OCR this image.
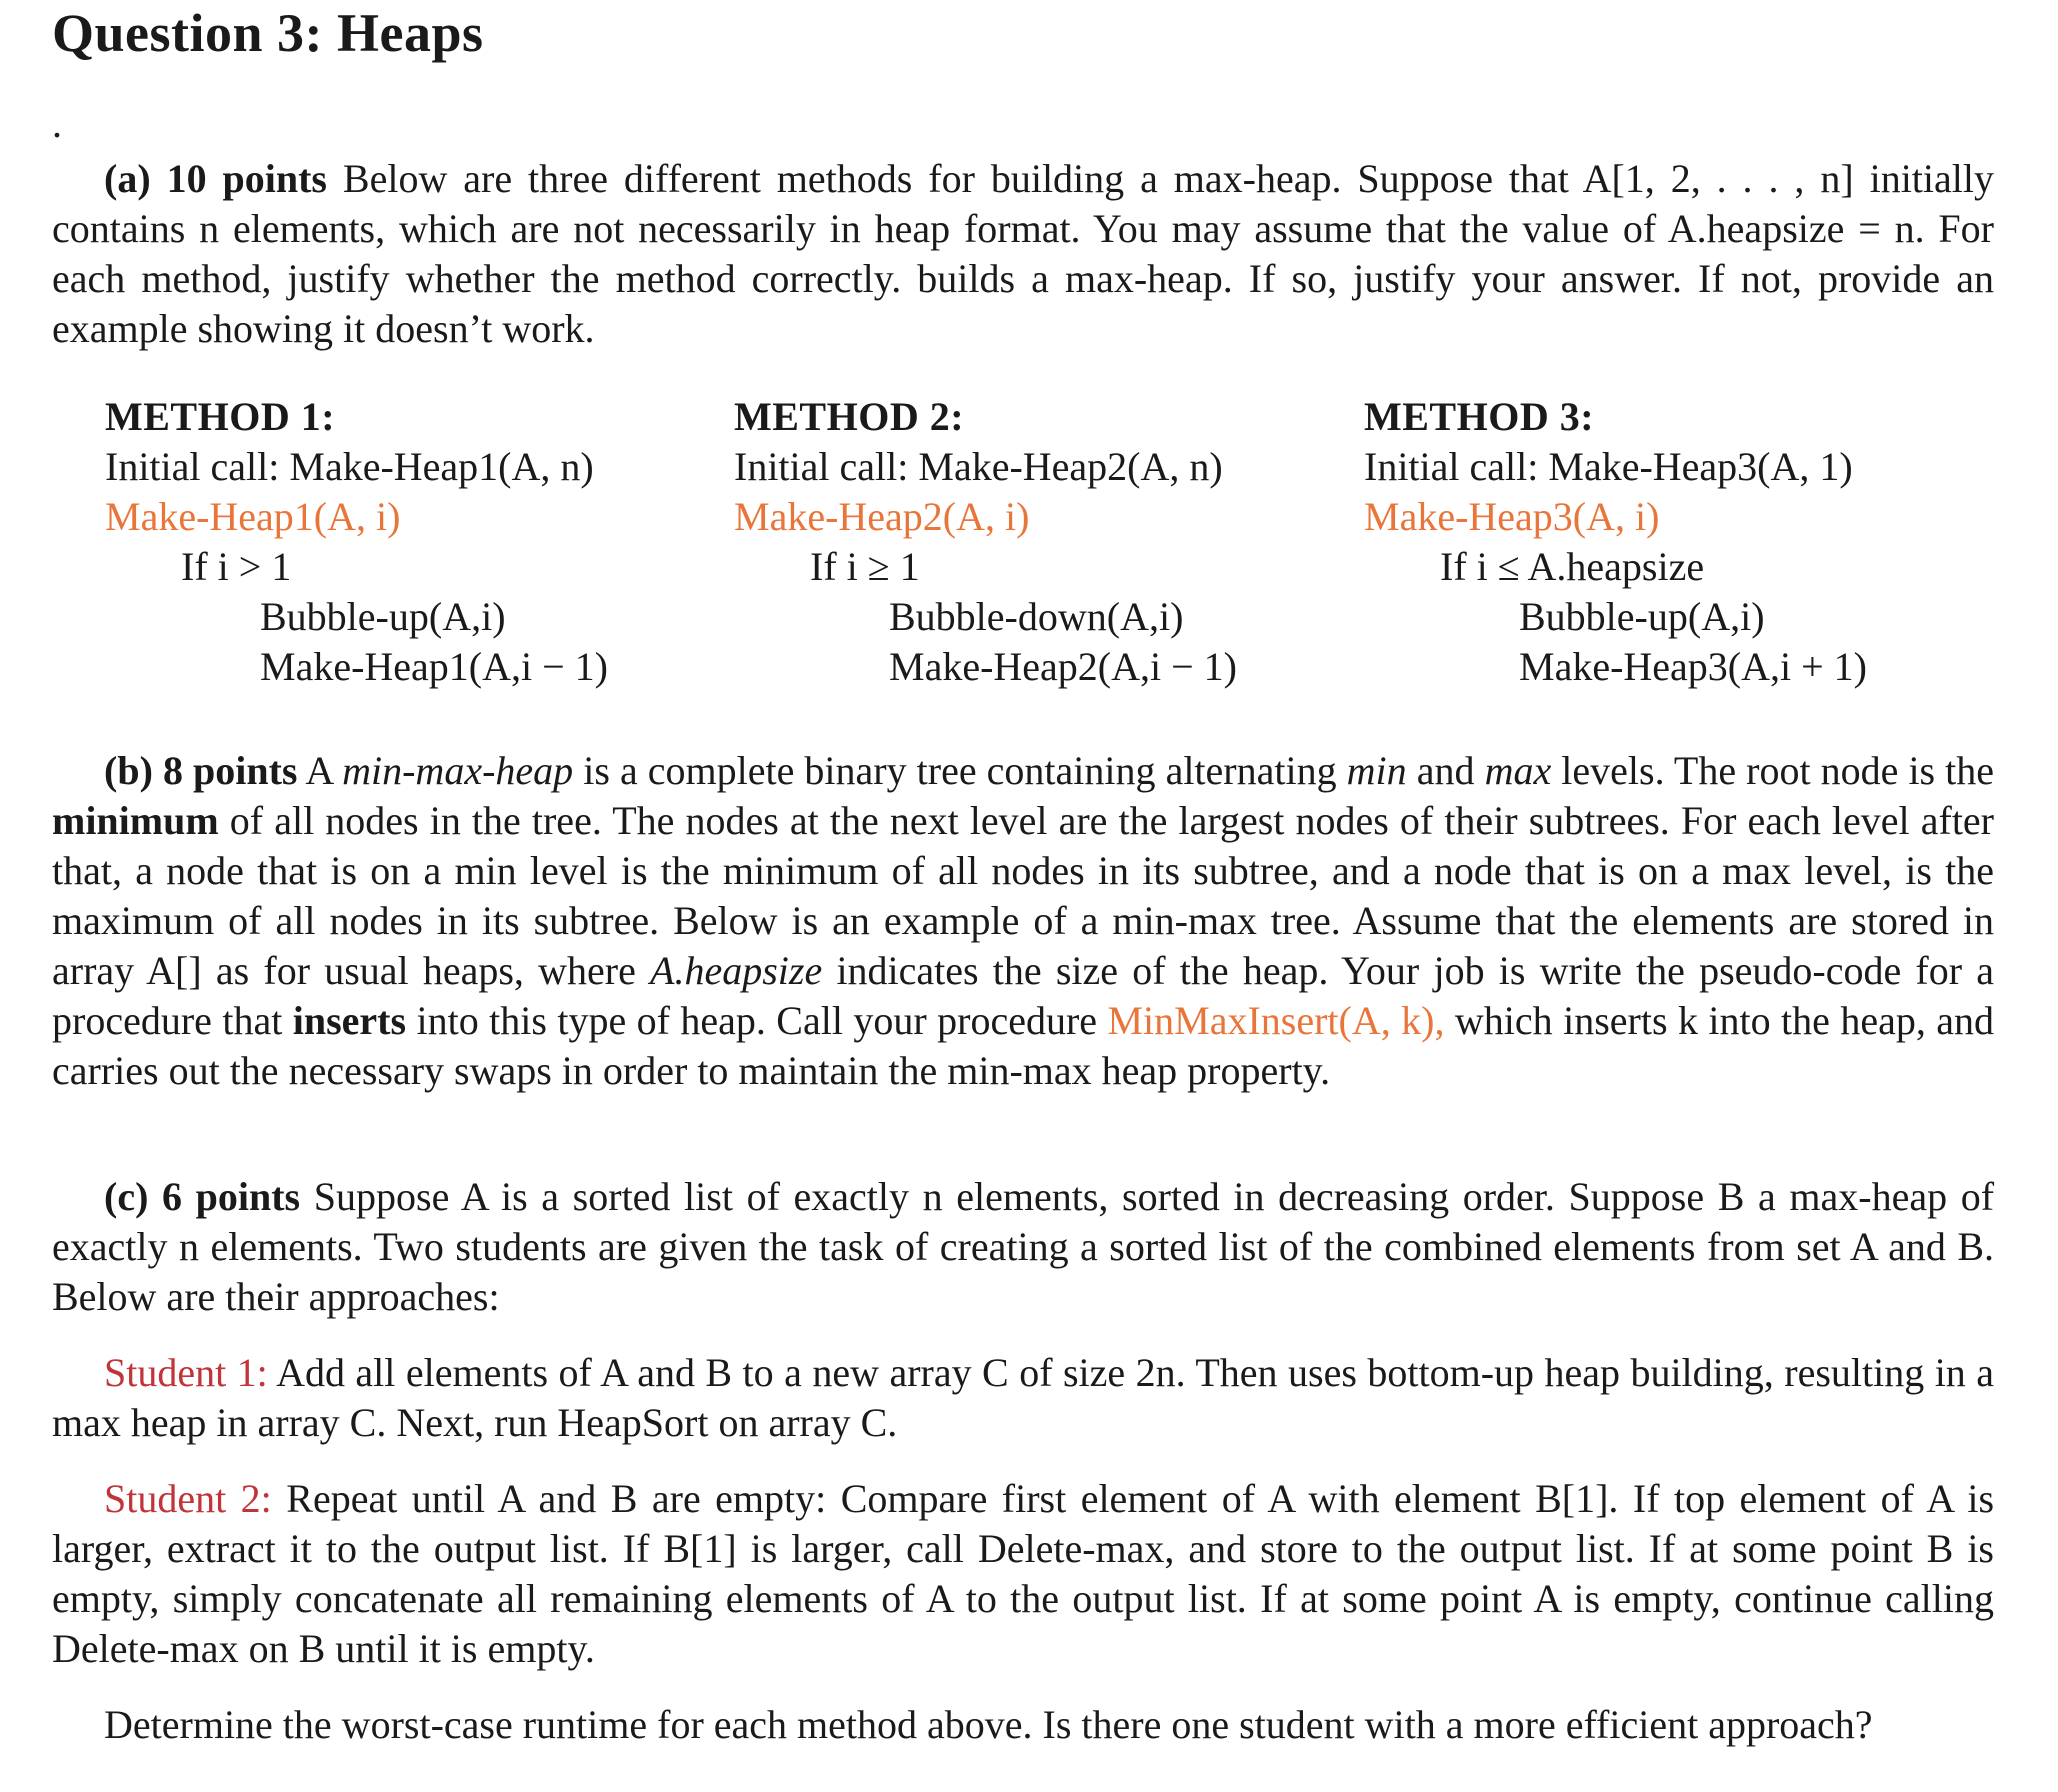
Question 3: Heaps
.
(a) 10 points Below are three different methods for building a max-heap. Suppose that A[1, 2, . . . , n] initially contains n elements, which are not necessarily in heap format. You may assume that the value of A.heapsize = n. For each method, justify whether the method correctly. builds a max-heap. If so, justify your answer. If not, provide an example showing it doesn’t work.
METHOD 1:
Initial call: Make-Heap1(A, n)
Make-Heap1(A, i)
If i > 1
Bubble-up(A,i)
Make-Heap1(A,i − 1)
METHOD 2:
Initial call: Make-Heap2(A, n)
Make-Heap2(A, i)
If i ≥ 1
Bubble-down(A,i)
Make-Heap2(A,i − 1)
METHOD 3:
Initial call: Make-Heap3(A, 1)
Make-Heap3(A, i)
If i ≤ A.heapsize
Bubble-up(A,i)
Make-Heap3(A,i + 1)
(b) 8 points A min-max-heap is a complete binary tree containing alternating min and max levels. The root node is the minimum of all nodes in the tree. The nodes at the next level are the largest nodes of their subtrees. For each level after that, a node that is on a min level is the minimum of all nodes in its subtree, and a node that is on a max level, is the maximum of all nodes in its subtree. Below is an example of a min-max tree. Assume that the elements are stored in array A[] as for usual heaps, where A.heapsize indicates the size of the heap. Your job is write the pseudo-code for a procedure that inserts into this type of heap. Call your procedure MinMaxInsert(A, k), which inserts k into the heap, and carries out the necessary swaps in order to maintain the min-max heap property.
(c) 6 points Suppose A is a sorted list of exactly n elements, sorted in decreasing order. Suppose B a max-heap of exactly n elements. Two students are given the task of creating a sorted list of the combined elements from set A and B. Below are their approaches:
Student 1: Add all elements of A and B to a new array C of size 2n. Then uses bottom-up heap building, resulting in a max heap in array C. Next, run HeapSort on array C.
Student 2: Repeat until A and B are empty: Compare first element of A with element B[1]. If top element of A is larger, extract it to the output list. If B[1] is larger, call Delete-max, and store to the output list. If at some point B is empty, simply concatenate all remaining elements of A to the output list. If at some point A is empty, continue calling Delete-max on B until it is empty.
Determine the worst-case runtime for each method above. Is there one student with a more efficient approach?
